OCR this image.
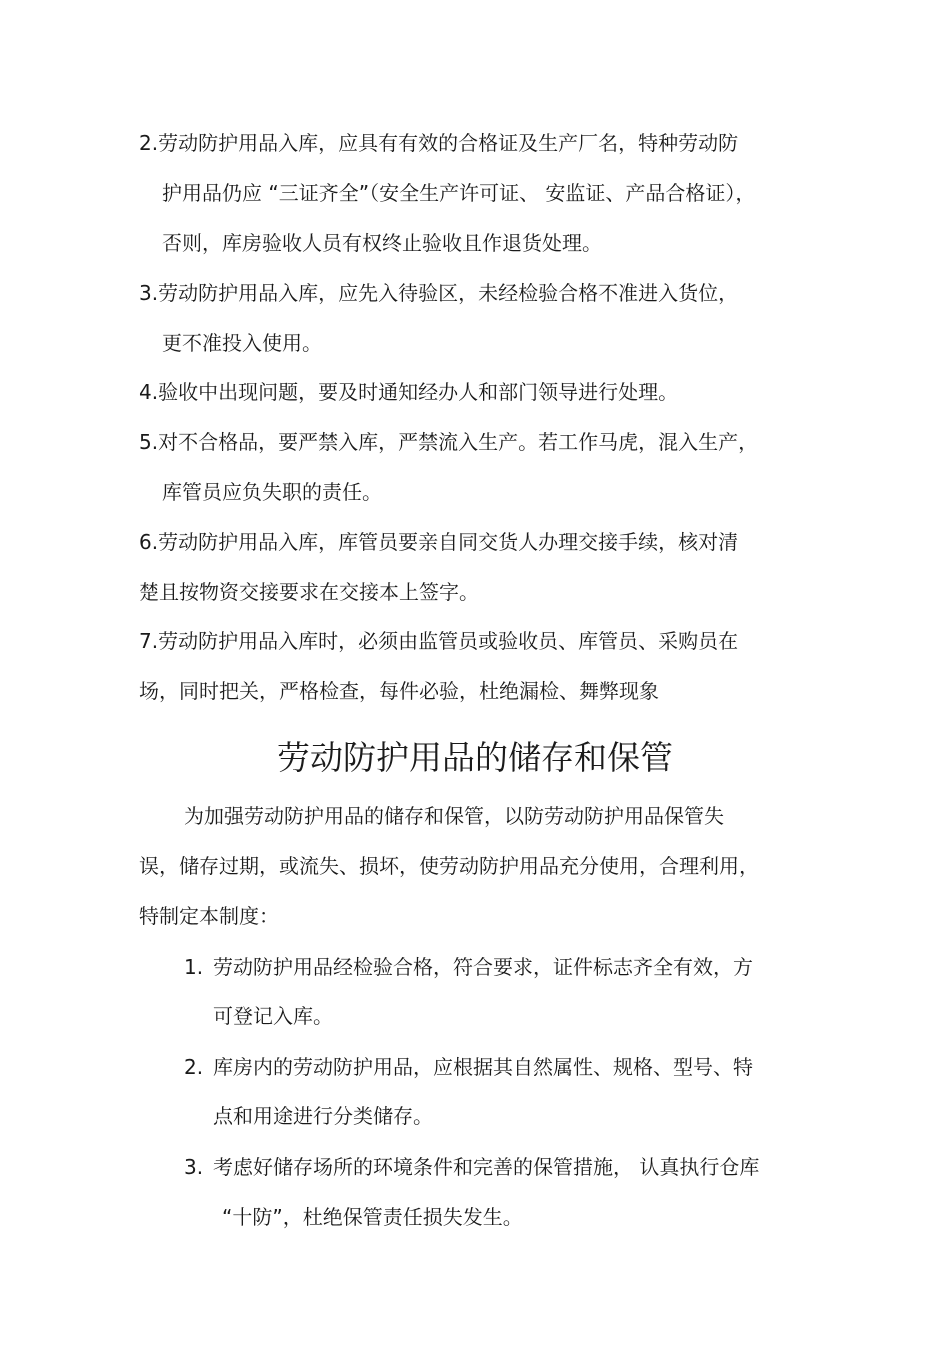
2.劳动防护用品入库，应具有有效的合格证及生产厂名，特种劳动防
护用品仍应 “三证齐全”（安全生产许可证、 安监证、产品合格证），
否则，库房验收人员有权终止验收且作退货处理。
3.劳动防护用品入库，应先入待验区，未经检验合格不准进入货位，
更不准投入使用。
4.验收中出现问题，要及时通知经办人和部门领导进行处理。
5.对不合格品，要严禁入库，严禁流入生产。若工作马虎，混入生产，
库管员应负失职的责任。
6.劳动防护用品入库，库管员要亲自同交货人办理交接手续，核对清
楚且按物资交接要求在交接本上签字。
7.劳动防护用品入库时，必须由监管员或验收员、库管员、采购员在
场，同时把关，严格检查，每件必验，杜绝漏检、舞弊现象
劳动防护用品的储存和保管
为加强劳动防护用品的储存和保管，以防劳动防护用品保管失
误，储存过期，或流失、损坏，使劳动防护用品充分使用，合理利用，
特制定本制度：
1. 劳动防护用品经检验合格，符合要求，证件标志齐全有效，方
可登记入库。
2. 库房内的劳动防护用品，应根据其自然属性、规格、型号、特
点和用途进行分类储存。
3. 考虑好储存场所的环境条件和完善的保管措施， 认真执行仓库
“十防”，杜绝保管责任损失发生。
